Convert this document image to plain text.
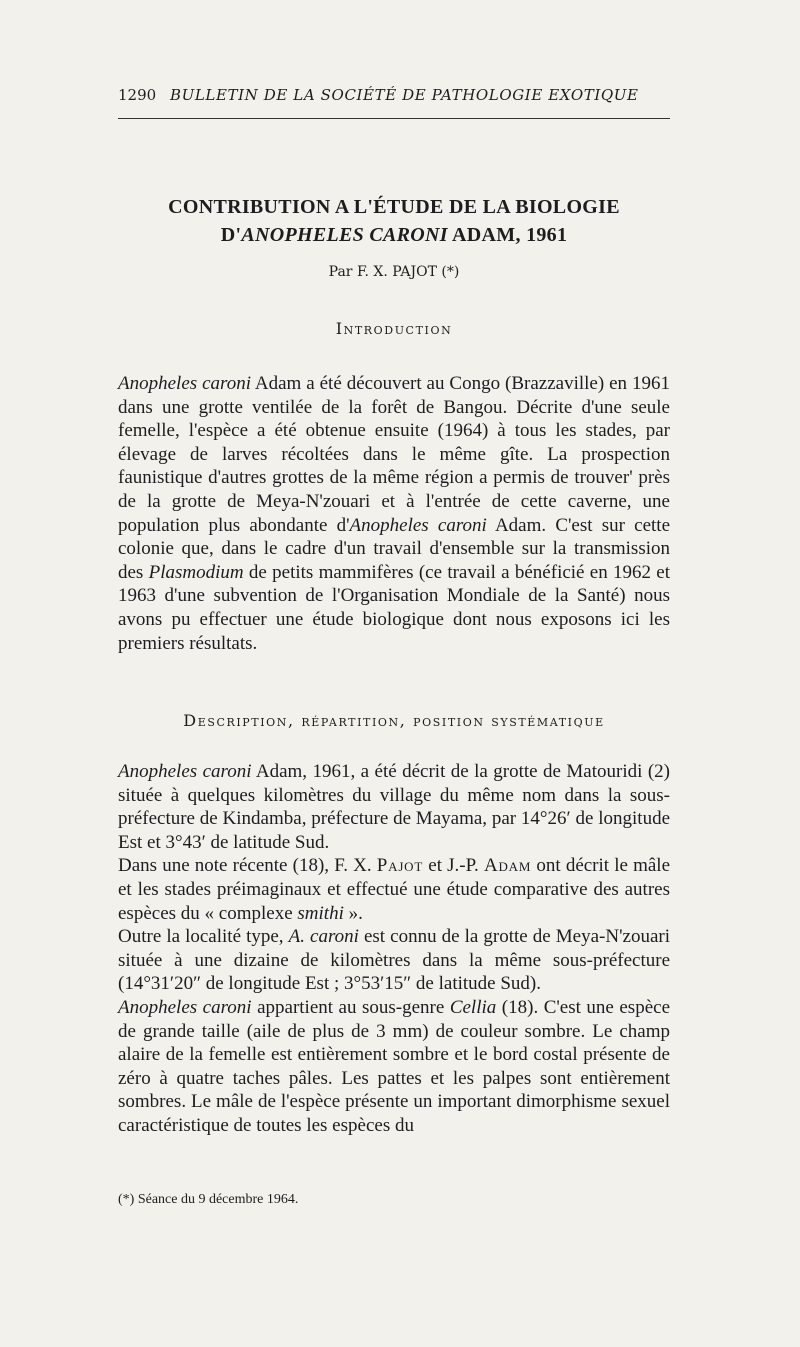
1290 BULLETIN DE LA SOCIÉTÉ DE PATHOLOGIE EXOTIQUE
CONTRIBUTION A L'ÉTUDE DE LA BIOLOGIE
D'ANOPHELES CARONI ADAM, 1961
Par F. X. PAJOT (*)
Introduction

Anopheles caroni Adam a été découvert au Congo (Brazzaville) en 1961 dans une grotte ventilée de la forêt de Bangou. Décrite d'une seule femelle, l'espèce a été obtenue ensuite (1964) à tous les stades, par élevage de larves récoltées dans le même gîte. La prospection faunistique d'autres grottes de la même région a permis de trouver' près de la grotte de Meya-N'zouari et à l'entrée de cette caverne, une population plus abondante d'Anopheles caroni Adam. C'est sur cette colonie que, dans le cadre d'un travail d'ensemble sur la transmission des Plasmodium de petits mammifères (ce travail a bénéficié en 1962 et 1963 d'une subvention de l'Organisation Mondiale de la Santé) nous avons pu effectuer une étude biologique dont nous exposons ici les premiers résultats.

Description, répartition, position systématique

Anopheles caroni Adam, 1961, a été décrit de la grotte de Matouridi (2) située à quelques kilomètres du village du même nom dans la sous-préfecture de Kindamba, préfecture de Mayama, par 14°26′ de longitude Est et 3°43′ de latitude Sud.

Dans une note récente (18), F. X. Pajot et J.-P. Adam ont décrit le mâle et les stades préimaginaux et effectué une étude comparative des autres espèces du « complexe smithi ».

Outre la localité type, A. caroni est connu de la grotte de Meya-N'zouari située à une dizaine de kilomètres dans la même sous-préfecture (14°31′20″ de longitude Est ; 3°53′15″ de latitude Sud).

Anopheles caroni appartient au sous-genre Cellia (18). C'est une espèce de grande taille (aile de plus de 3 mm) de couleur sombre. Le champ alaire de la femelle est entièrement sombre et le bord costal présente de zéro à quatre taches pâles. Les pattes et les palpes sont entièrement sombres. Le mâle de l'espèce présente un important dimorphisme sexuel caractéristique de toutes les espèces du

(*) Séance du 9 décembre 1964.
